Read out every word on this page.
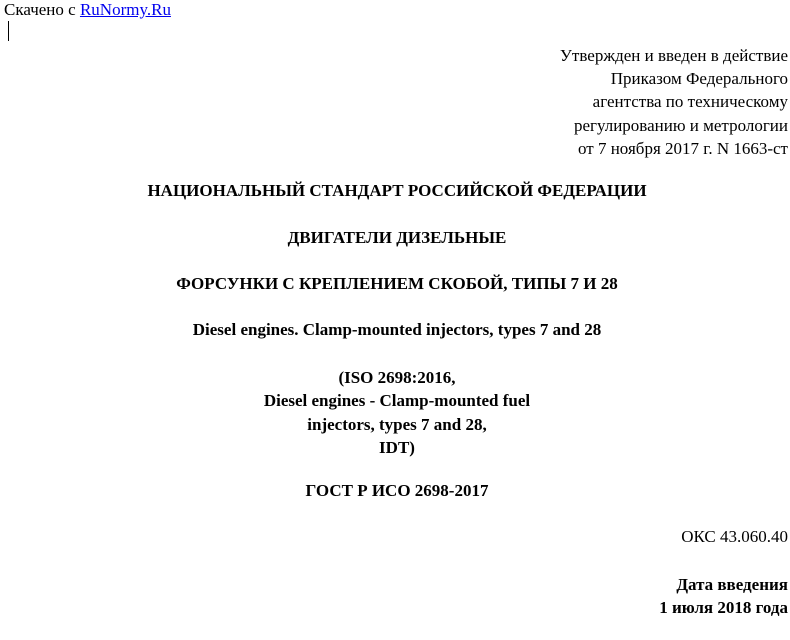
Скачено с RuNormy.Ru
Утвержден и введен в действие
Приказом Федерального
агентства по техническому
регулированию и метрологии
от 7 ноября 2017 г. N 1663-ст
НАЦИОНАЛЬНЫЙ СТАНДАРТ РОССИЙСКОЙ ФЕДЕРАЦИИ
ДВИГАТЕЛИ ДИЗЕЛЬНЫЕ
ФОРСУНКИ С КРЕПЛЕНИЕМ СКОБОЙ, ТИПЫ 7 И 28
Diesel engines. Clamp-mounted injectors, types 7 and 28
(ISO 2698:2016,
Diesel engines - Clamp-mounted fuel
injectors, types 7 and 28,
IDT)
ГОСТ Р ИСО 2698-2017
ОКС 43.060.40
Дата введения
1 июля 2018 года
